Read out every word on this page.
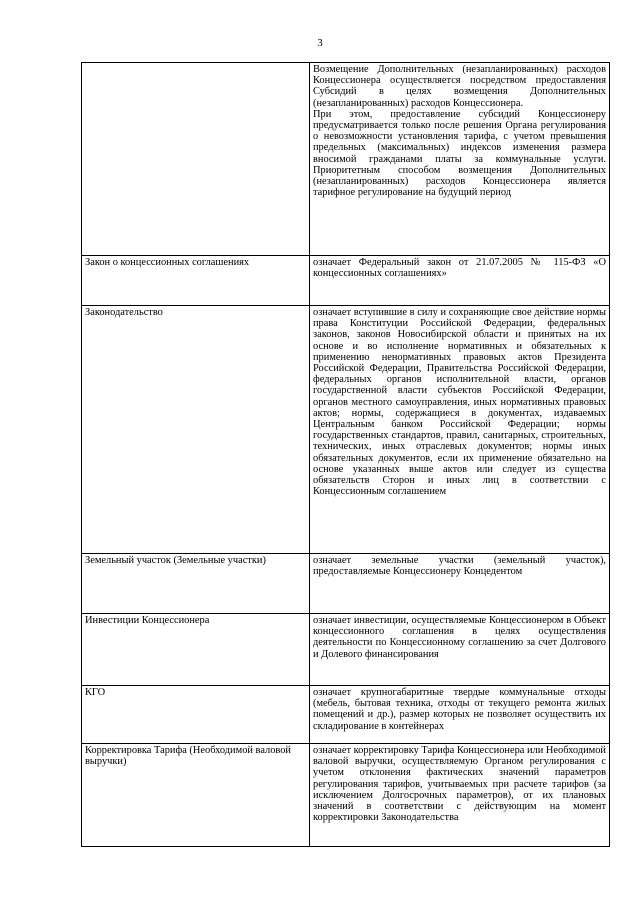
3

	Возмещение Дополнительных (незапланированных) расходов Концессионера осуществляется посредством предоставления Субсидий в целях возмещения Дополнительных (незапланированных) расходов Концессионера.

При этом, предоставление субсидий Концессионеру предусматривается только после решения Органа регулирования о невозможности установления тарифа, с учетом превышения предельных (максимальных) индексов изменения размера вносимой гражданами платы за коммунальные услуги. Приоритетным способом возмещения Дополнительных (незапланированных) расходов Концессионера является тарифное регулирование на будущий период

Закон о концессионных соглашениях	означает Федеральный закон от 21.07.2005 № 115-ФЗ «О концессионных соглашениях»

Законодательство	означает вступившие в силу и сохраняющие свое действие нормы права Конституции Российской Федерации, федеральных законов, законов Новосибирской области и принятых на их основе и во исполнение нормативных и обязательных к применению ненормативных правовых актов Президента Российской Федерации, Правительства Российской Федерации, федеральных органов исполнительной власти, органов государственной власти субъектов Российской Федерации, органов местного самоуправления, иных нормативных правовых актов; нормы, содержащиеся в документах, издаваемых Центральным банком Российской Федерации; нормы государственных стандартов, правил, санитарных, строительных, технических, иных отраслевых документов; нормы иных обязательных документов, если их применение обязательно на основе указанных выше актов или следует из существа обязательств Сторон и иных лиц в соответствии с Концессионным соглашением

Земельный участок (Земельные участки)	означает земельные участки (земельный участок), предоставляемые Концессионеру Концедентом

Инвестиции Концессионера	означает инвестиции, осуществляемые Концессионером в Объект концессионного соглашения в целях осуществления деятельности по Концессионному соглашению за счет Долгового и Долевого финансирования

КГО	означает крупногабаритные твердые коммунальные отходы (мебель, бытовая техника, отходы от текущего ремонта жилых помещений и др.), размер которых не позволяет осуществить их складирование в контейнерах

Корректировка Тарифа (Необходимой валовой выручки)	означает корректировку Тарифа Концессионера или Необходимой валовой выручки, осуществляемую Органом регулирования с учетом отклонения фактических значений параметров регулирования тарифов, учитываемых при расчете тарифов (за исключением Долгосрочных параметров), от их плановых значений в соответствии с действующим на момент корректировки Законодательства
